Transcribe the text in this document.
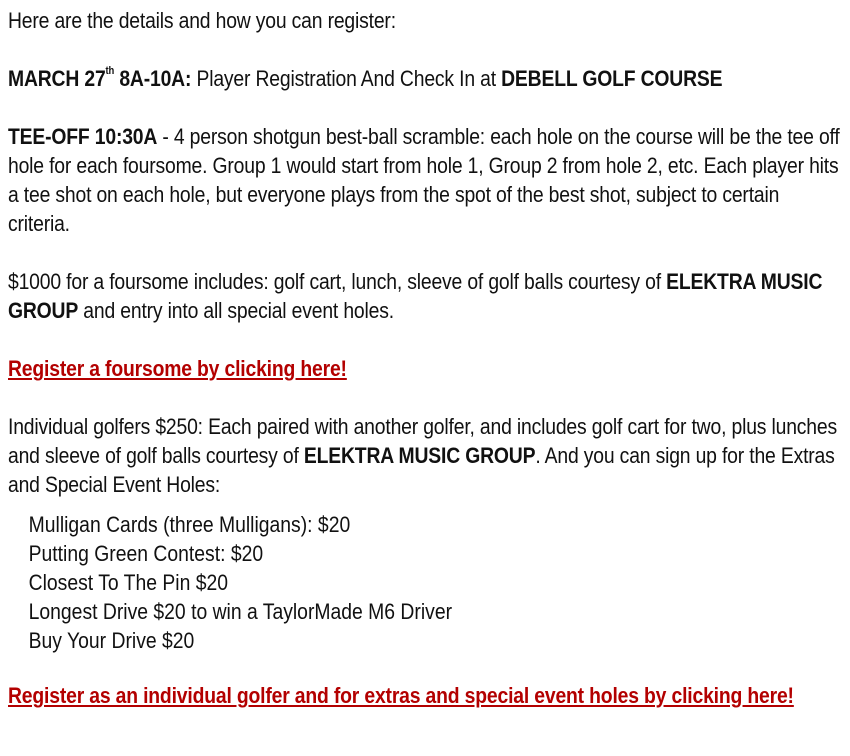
Here are the details and how you can register:

MARCH 27th 8A-10A: Player Registration And Check In at DEBELL GOLF COURSE

TEE-OFF 10:30A - 4 person shotgun best-ball scramble: each hole on the course will be the tee off hole for each foursome. Group 1 would start from hole 1, Group 2 from hole 2, etc. Each player hits a tee shot on each hole, but everyone plays from the spot of the best shot, subject to certain criteria.

$1000 for a foursome includes: golf cart, lunch, sleeve of golf balls courtesy of ELEKTRA MUSIC GROUP and entry into all special event holes.

Register a foursome by clicking here!

Individual golfers $250: Each paired with another golfer, and includes golf cart for two, plus lunches and sleeve of golf balls courtesy of ELEKTRA MUSIC GROUP. And you can sign up for the Extras and Special Event Holes:

Mulligan Cards (three Mulligans): $20
Putting Green Contest: $20
Closest To The Pin $20
Longest Drive $20 to win a TaylorMade M6 Driver
Buy Your Drive $20

Register as an individual golfer and for extras and special event holes by clicking here!
